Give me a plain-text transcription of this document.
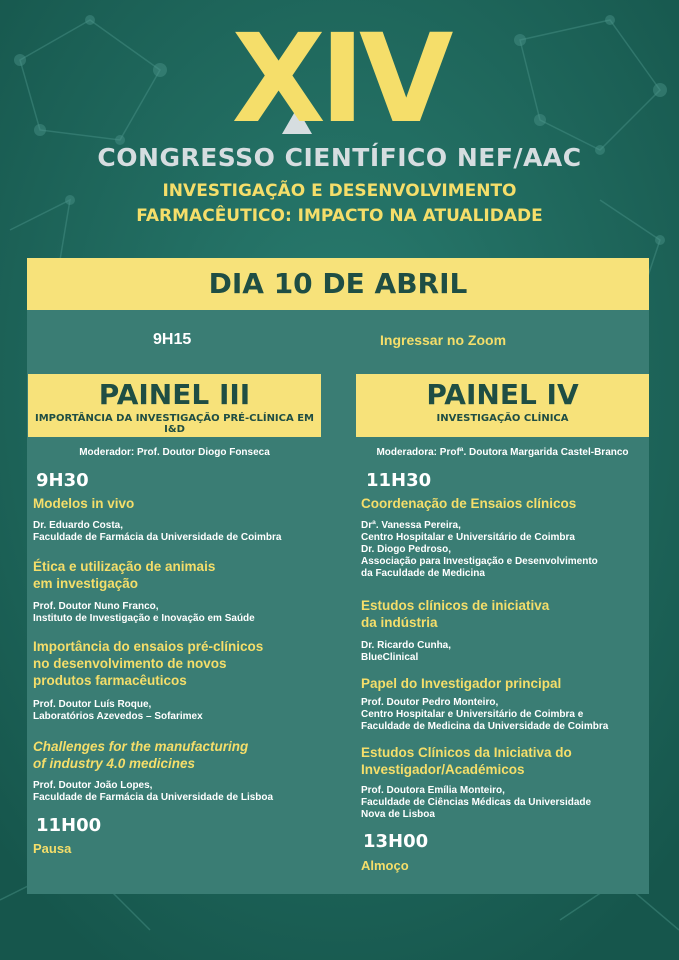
XIV
CONGRESSO CIENTÍFICO NEF/AAC
INVESTIGAÇÃO E DESENVOLVIMENTO
FARMACÊUTICO: IMPACTO NA ATUALIDADE
DIA 10 DE ABRIL
9H15	Ingressar no Zoom
PAINEL III
IMPORTÂNCIA DA INVESTIGAÇÃO PRÉ-CLÍNICA EM I&D
Moderador: Prof. Doutor Diogo Fonseca
9H30
Modelos in vivo
Dr. Eduardo Costa,
Faculdade de Farmácia da Universidade de Coimbra
Ética e utilização de animais
em investigação
Prof. Doutor Nuno Franco,
Instituto de Investigação e Inovação em Saúde
Importância do ensaios pré-clínicos
no desenvolvimento de novos
produtos farmacêuticos
Prof. Doutor Luís Roque,
Laboratórios Azevedos – Sofarimex
Challenges for the manufacturing
of industry 4.0 medicines
Prof. Doutor João Lopes,
Faculdade de Farmácia da Universidade de Lisboa
11H00
Pausa
PAINEL IV
INVESTIGAÇÃO CLÍNICA
Moderadora: Profª. Doutora Margarida Castel-Branco
11H30
Coordenação de Ensaios clínicos
Drª. Vanessa Pereira,
Centro Hospitalar e Universitário de Coimbra
Dr. Diogo Pedroso,
Associação para Investigação e Desenvolvimento
da Faculdade de Medicina
Estudos clínicos de iniciativa
da indústria
Dr. Ricardo Cunha,
BlueClinical
Papel do Investigador principal
Prof. Doutor Pedro Monteiro,
Centro Hospitalar e Universitário de Coimbra e
Faculdade de Medicina da Universidade de Coimbra
Estudos Clínicos da Iniciativa do
Investigador/Académicos
Prof. Doutora Emília Monteiro,
Faculdade de Ciências Médicas da Universidade
Nova de Lisboa
13H00
Almoço
